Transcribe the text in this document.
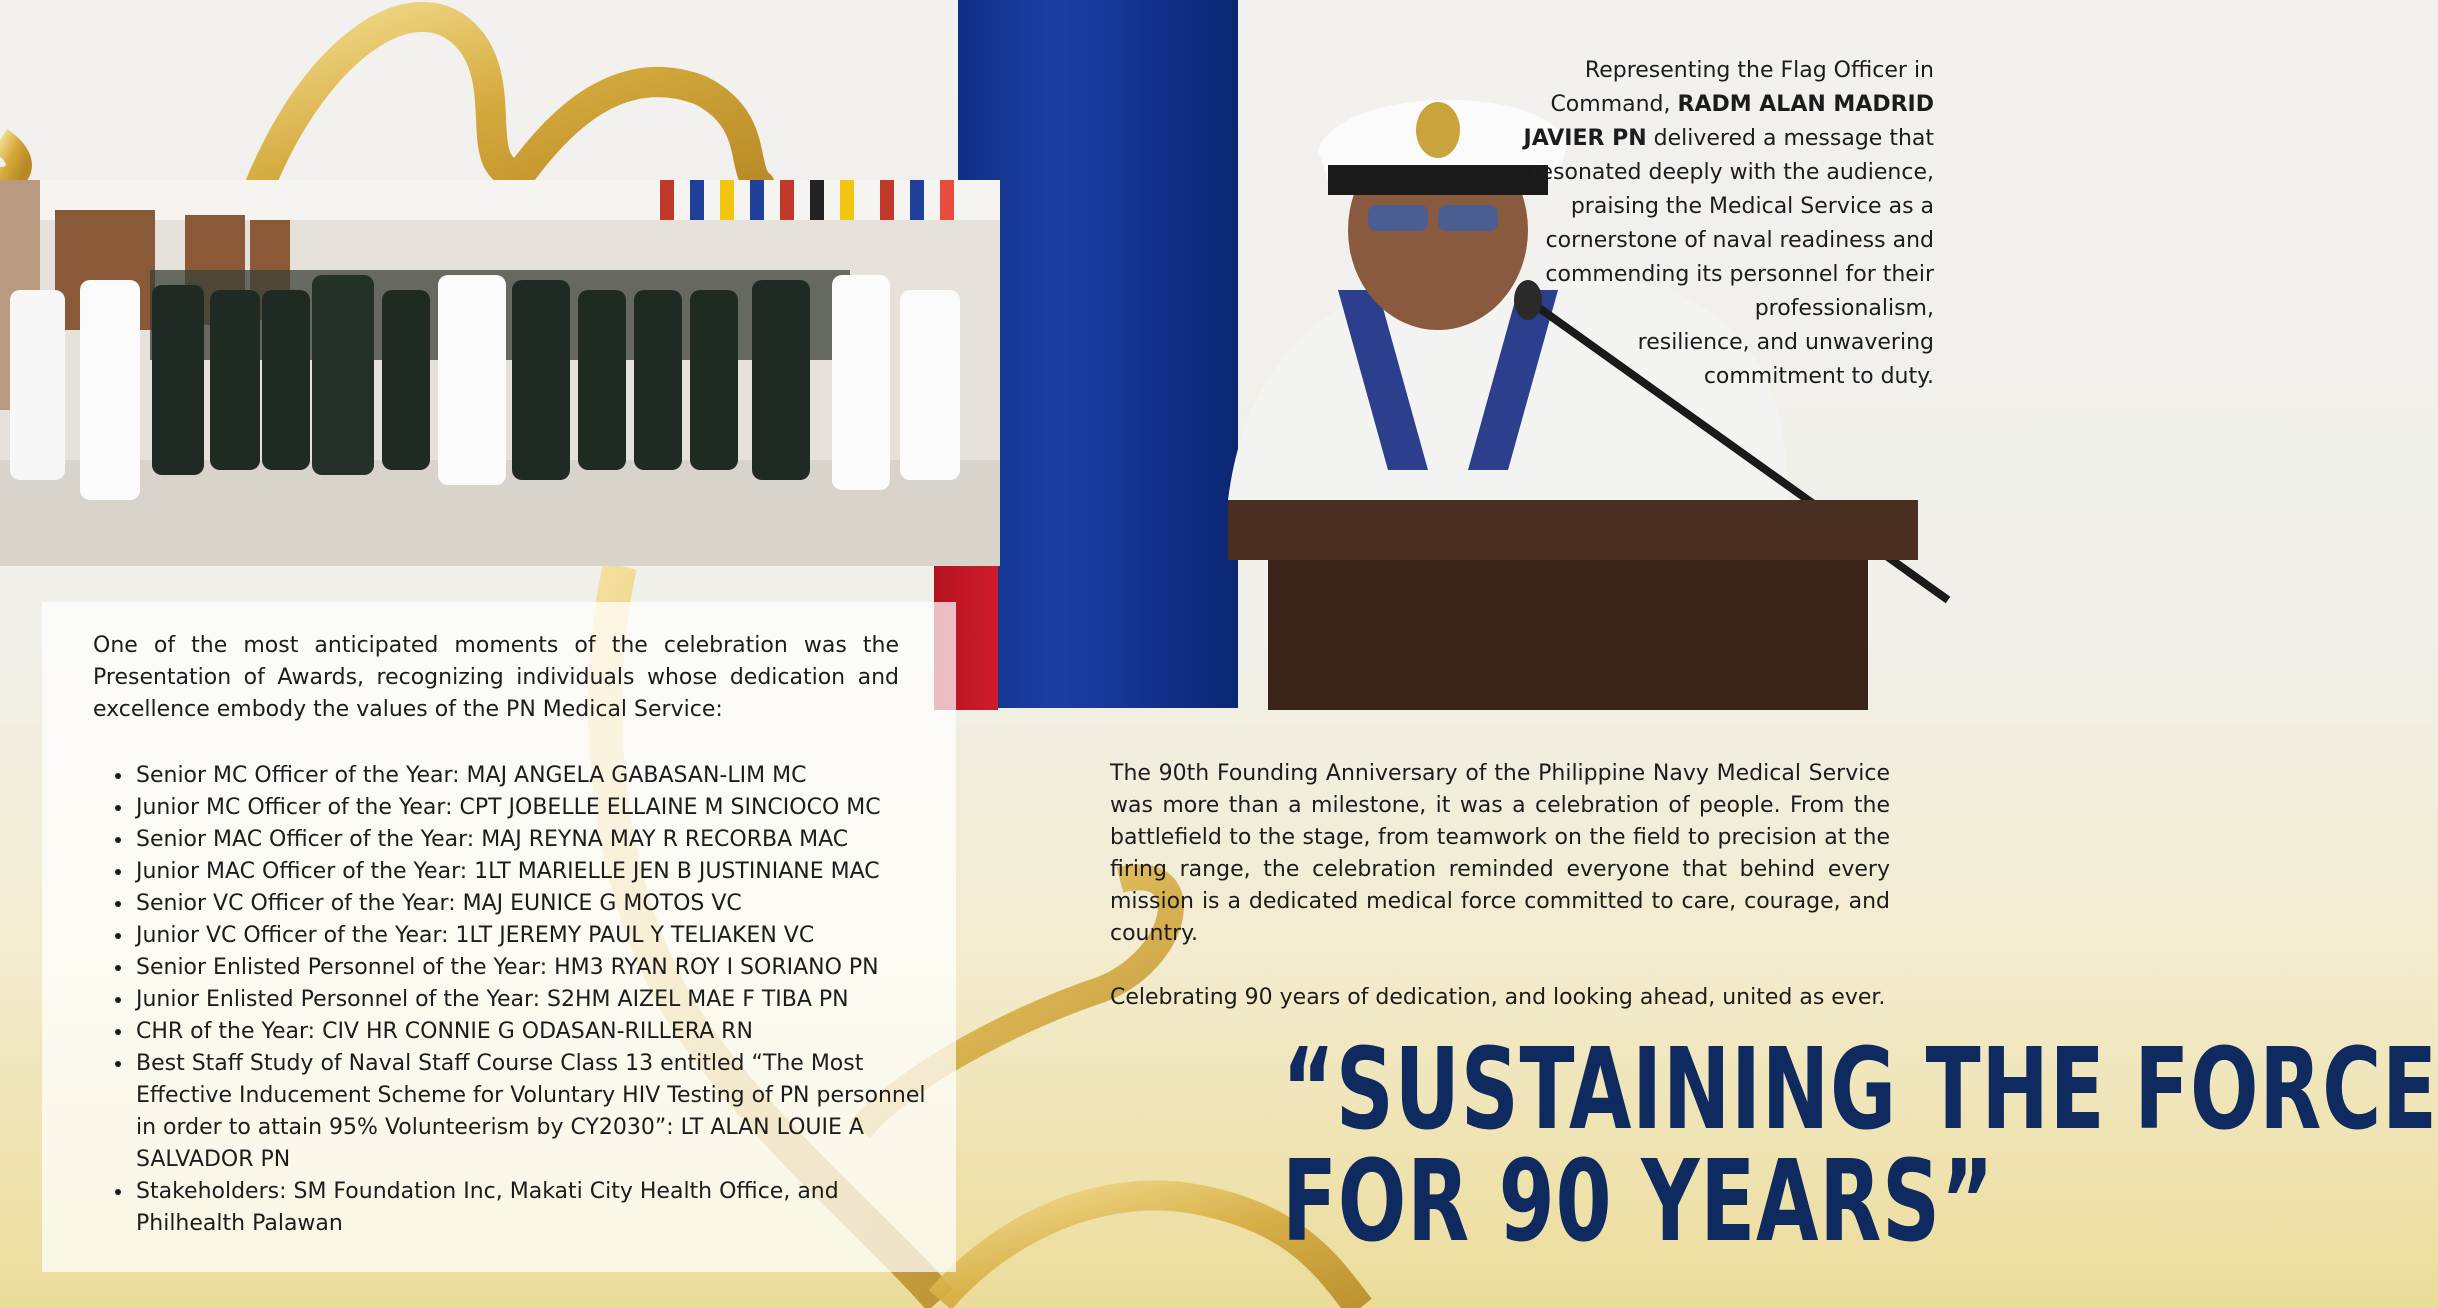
Representing the Flag Officer in
Command, RADM ALAN MADRID
JAVIER PN delivered a message that
resonated deeply with the audience,
praising the Medical Service as a
cornerstone of naval readiness and
commending its personnel for their
professionalism,
resilience, and unwavering
commitment to duty.
One of the most anticipated moments of the celebration was the Presentation of Awards, recognizing individuals whose dedication and excellence embody the values of the PN Medical Service:
• Senior MC Officer of the Year: MAJ ANGELA GABASAN-LIM MC
• Junior MC Officer of the Year: CPT JOBELLE ELLAINE M SINCIOCO MC
• Senior MAC Officer of the Year: MAJ REYNA MAY R RECORBA MAC
• Junior MAC Officer of the Year: 1LT MARIELLE JEN B JUSTINIANE MAC
• Senior VC Officer of the Year: MAJ EUNICE G MOTOS VC
• Junior VC Officer of the Year: 1LT JEREMY PAUL Y TELIAKEN VC
• Senior Enlisted Personnel of the Year: HM3 RYAN ROY I SORIANO PN
• Junior Enlisted Personnel of the Year: S2HM AIZEL MAE F TIBA PN
• CHR of the Year: CIV HR CONNIE G ODASAN-RILLERA RN
• Best Staff Study of Naval Staff Course Class 13 entitled “The Most Effective Inducement Scheme for Voluntary HIV Testing of PN personnel in order to attain 95% Volunteerism by CY2030”: LT ALAN LOUIE A SALVADOR PN
• Stakeholders: SM Foundation Inc, Makati City Health Office, and Philhealth Palawan

The 90th Founding Anniversary of the Philippine Navy Medical Service was more than a milestone, it was a celebration of people. From the battlefield to the stage, from teamwork on the field to precision at the firing range, the celebration reminded everyone that behind every mission is a dedicated medical force committed to care, courage, and country.

Celebrating 90 years of dedication, and looking ahead, united as ever.

“SUSTAINING THE FORCE
FOR 90 YEARS”
